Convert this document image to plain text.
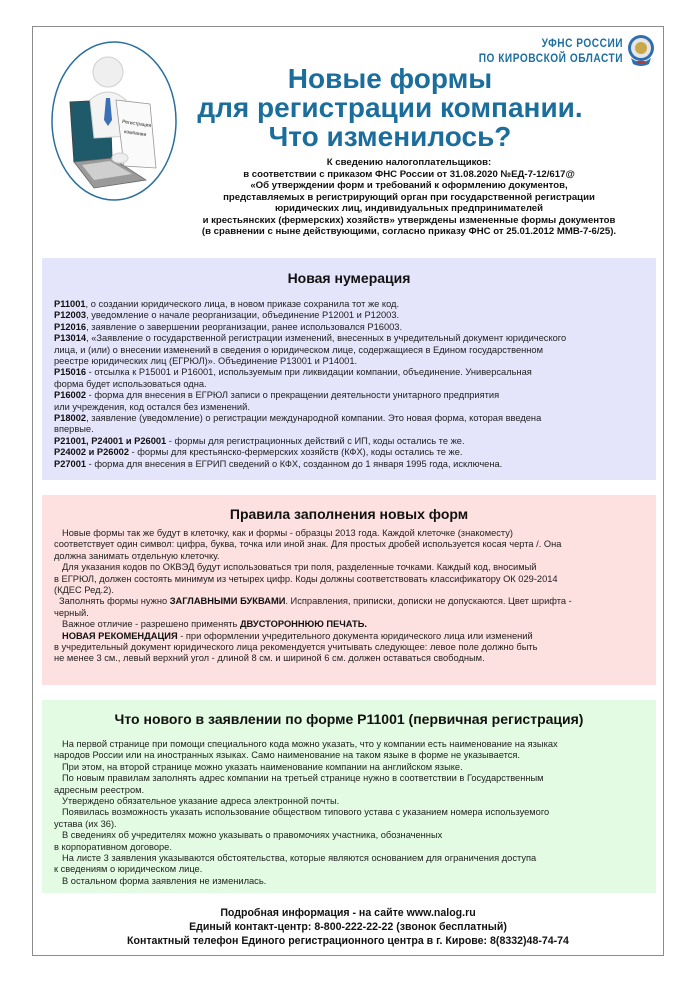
Регистрация
компании
УФНС РОССИИ
ПО КИРОВСКОЙ ОБЛАСТИ
Новые формы
для регистрации компании.
Что изменилось?
К сведению налогоплательщиков:
в соответствии с приказом ФНС России от 31.08.2020 №ЕД-7-12/617@
«Об утверждении форм и требований к оформлению документов,
представляемых в регистрирующий орган при государственной регистрации
юридических лиц, индивидуальных предпринимателей
и крестьянских (фермерских) хозяйств» утверждены измененные формы документов
(в сравнении с ныне действующими, согласно приказу ФНС от 25.01.2012 ММВ-7-6/25).
Новая нумерация
P11001, о создании юридического лица, в новом приказе сохранила тот же код.
P12003, уведомление о начале реорганизации, объединение Р12001 и Р12003.
P12016, заявление о завершении реорганизации, ранее использовался Р16003.
P13014, «Заявление о государственной регистрации изменений, внесенных в учредительный документ юридического
лица, и (или) о внесении изменений в сведения о юридическом лице, содержащиеся в Едином государственном
реестре юридических лиц (ЕГРЮЛ)». Объединение Р13001 и Р14001.
P15016 - отсылка к Р15001 и Р16001, используемым при ликвидации компании, объединение. Универсальная
форма будет использоваться одна.
P16002 - форма для внесения в ЕГРЮЛ записи о прекращении деятельности унитарного предприятия
или учреждения, код остался без изменений.
P18002, заявление (уведомление) о регистрации международной компании. Это новая форма, которая введена
впервые.
P21001, P24001 и P26001 - формы для регистрационных действий с ИП, коды остались те же.
P24002 и P26002 - формы для крестьянско-фермерских хозяйств (КФХ), коды остались те же.
P27001 - форма для внесения в ЕГРИП сведений о КФХ, созданном до 1 января 1995 года, исключена.
Правила заполнения новых форм
Новые формы так же будут в клеточку, как и формы - образцы 2013 года. Каждой клеточке (знакоместу)
соответствует один символ: цифра, буква, точка или иной знак. Для простых дробей используется косая черта /. Она
должна занимать отдельную клеточку.
Для указания кодов по ОКВЭД будут использоваться три поля, разделенные точками. Каждый код, вносимый
в ЕГРЮЛ, должен состоять минимум из четырех цифр. Коды должны соответствовать классификатору ОК 029-2014
(КДЕС Ред.2).
Заполнять формы нужно ЗАГЛАВНЫМИ БУКВАМИ. Исправления, приписки, дописки не допускаются. Цвет шрифта -
черный.
Важное отличие - разрешено применять ДВУСТОРОННЮЮ ПЕЧАТЬ.
НОВАЯ РЕКОМЕНДАЦИЯ - при оформлении учредительного документа юридического лица или изменений
в учредительный документ юридического лица рекомендуется учитывать следующее: левое поле должно быть
не менее 3 см., левый верхний угол - длиной 8 см. и шириной 6 см. должен оставаться свободным.
Что нового в заявлении по форме Р11001 (первичная регистрация)
На первой странице при помощи специального кода можно указать, что у компании есть наименование на языках
народов России или на иностранных языках. Само наименование на таком языке в форме не указывается.
При этом, на второй странице можно указать наименование компании на английском языке.
По новым правилам заполнять адрес компании на третьей странице нужно в соответствии в Государственным
адресным реестром.
Утверждено обязательное указание адреса электронной почты.
Появилась возможность указать использование обществом типового устава с указанием номера используемого
устава (их 36).
В сведениях об учредителях можно указывать о правомочиях участника, обозначенных
в корпоративном договоре.
На листе 3 заявления указываются обстоятельства, которые являются основанием для ограничения доступа
к сведениям о юридическом лице.
В остальном форма заявления не изменилась.
Подробная информация - на сайте www.nalog.ru
Единый контакт-центр: 8-800-222-22-22 (звонок бесплатный)
Контактный телефон Единого регистрационного центра в г. Кирове: 8(8332)48-74-74
